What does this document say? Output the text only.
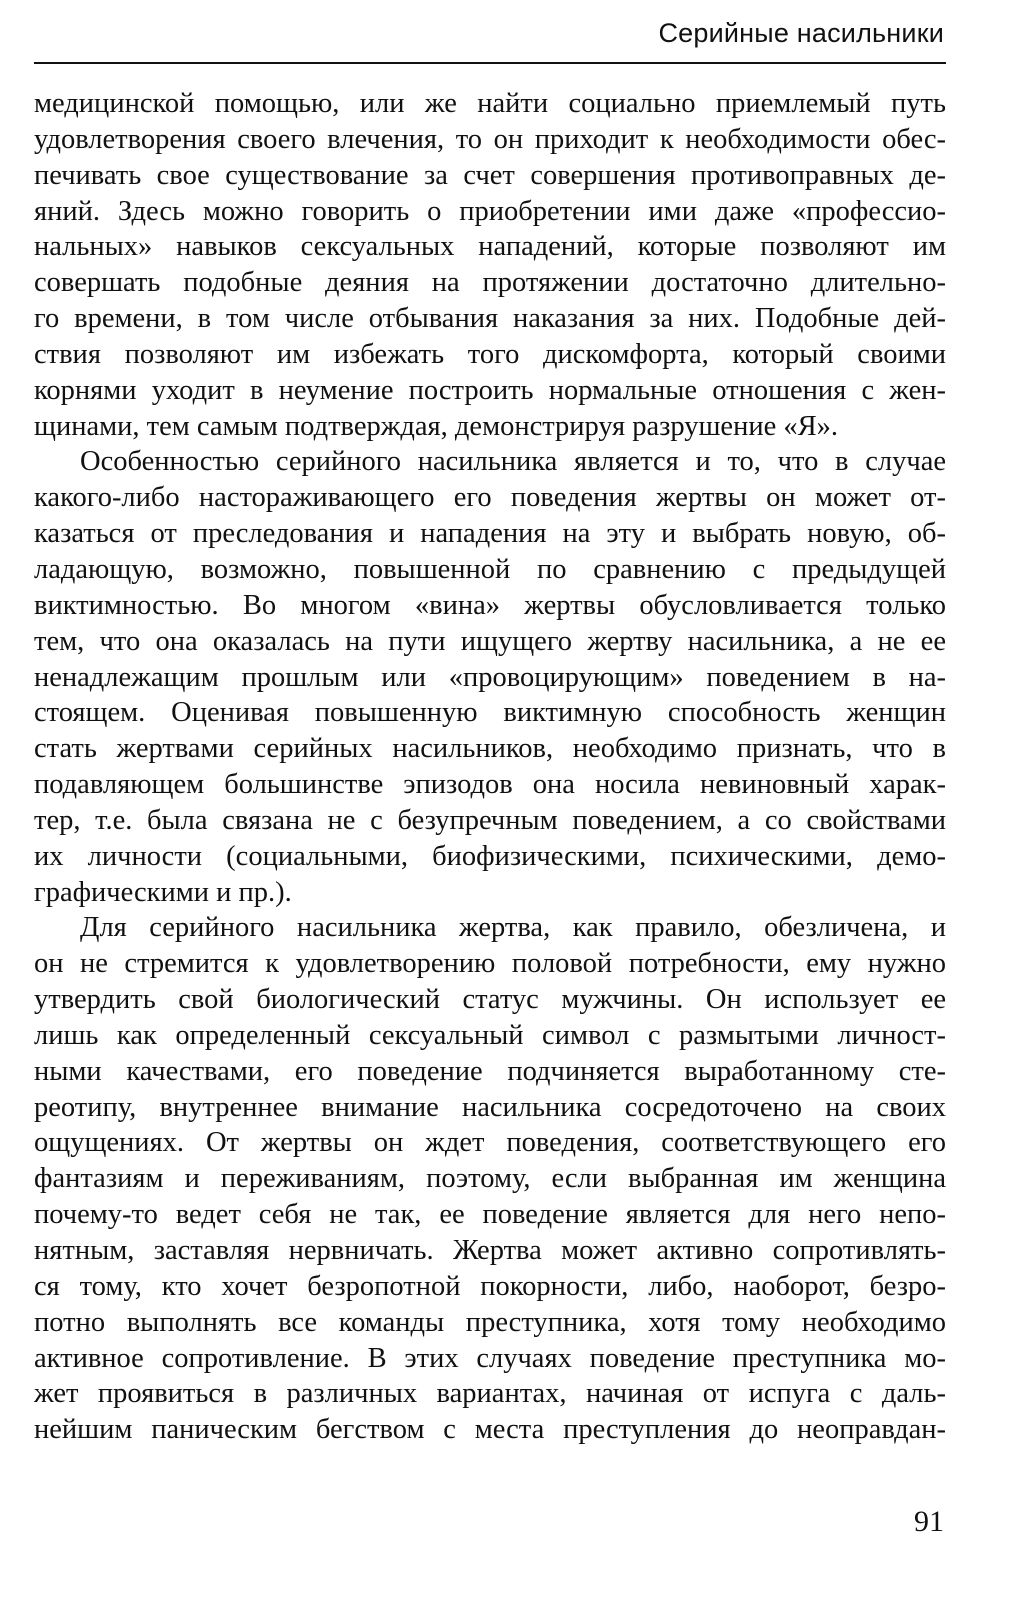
Серийные насильники

медицинской помощью, или же найти социально приемлемый путь
удовлетворения своего влечения, то он приходит к необходимости обес-
печивать свое существование за счет совершения противоправных де-
яний. Здесь можно говорить о приобретении ими даже «профессио-
нальных» навыков сексуальных нападений, которые позволяют им
совершать подобные деяния на протяжении достаточно длительно-
го времени, в том числе отбывания наказания за них. Подобные дей-
ствия позволяют им избежать того дискомфорта, который своими
корнями уходит в неумение построить нормальные отношения с жен-
щинами, тем самым подтверждая, демонстрируя разрушение «Я».

Особенностью серийного насильника является и то, что в случае
какого-либо настораживающего его поведения жертвы он может от-
казаться от преследования и нападения на эту и выбрать новую, об-
ладающую, возможно, повышенной по сравнению с предыдущей
виктимностью. Во многом «вина» жертвы обусловливается только
тем, что она оказалась на пути ищущего жертву насильника, а не ее
ненадлежащим прошлым или «провоцирующим» поведением в на-
стоящем. Оценивая повышенную виктимную способность женщин
стать жертвами серийных насильников, необходимо признать, что в
подавляющем большинстве эпизодов она носила невиновный харак-
тер, т.е. была связана не с безупречным поведением, а со свойствами
их личности (социальными, биофизическими, психическими, демо-
графическими и пр.).

Для серийного насильника жертва, как правило, обезличена, и
он не стремится к удовлетворению половой потребности, ему нужно
утвердить свой биологический статус мужчины. Он использует ее
лишь как определенный сексуальный символ с размытыми личност-
ными качествами, его поведение подчиняется выработанному сте-
реотипу, внутреннее внимание насильника сосредоточено на своих
ощущениях. От жертвы он ждет поведения, соответствующего его
фантазиям и переживаниям, поэтому, если выбранная им женщина
почему-то ведет себя не так, ее поведение является для него непо-
нятным, заставляя нервничать. Жертва может активно сопротивлять-
ся тому, кто хочет безропотной покорности, либо, наоборот, безро-
потно выполнять все команды преступника, хотя тому необходимо
активное сопротивление. В этих случаях поведение преступника мо-
жет проявиться в различных вариантах, начиная от испуга с даль-
нейшим паническим бегством с места преступления до неоправдан-

91
